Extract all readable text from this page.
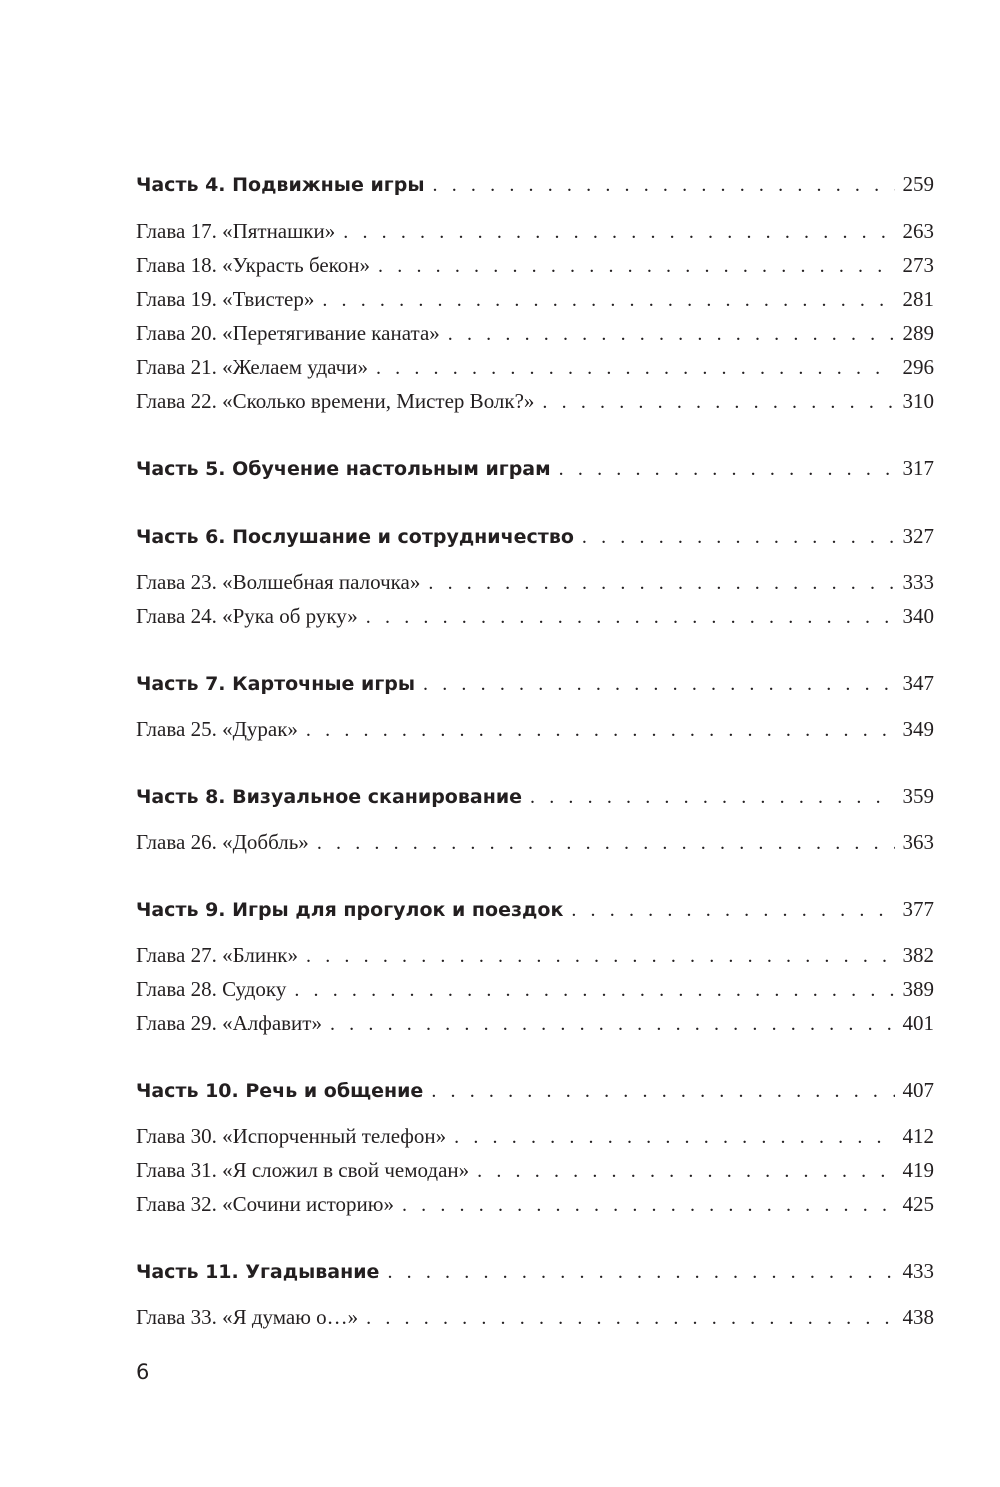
Часть 4. Подвижные игры . . .	259
Глава 17. «Пятнашки» . . .	263
Глава 18. «Украсть бекон» . . .	273
Глава 19. «Твистер» . . .	281
Глава 20. «Перетягивание каната» . . .	289
Глава 21. «Желаем удачи» . . .	296
Глава 22. «Сколько времени, Мистер Волк?» . . .	310
Часть 5. Обучение настольным играм . . .	317
Часть 6. Послушание и сотрудничество . . .	327
Глава 23. «Волшебная палочка» . . .	333
Глава 24. «Рука об руку» . . .	340
Часть 7. Карточные игры . . .	347
Глава 25. «Дурак» . . .	349
Часть 8. Визуальное сканирование . . .	359
Глава 26. «Доббль» . . .	363
Часть 9. Игры для прогулок и поездок . . .	377
Глава 27. «Блинк» . . .	382
Глава 28. Судоку . . .	389
Глава 29. «Алфавит» . . .	401
Часть 10. Речь и общение . . .	407
Глава 30. «Испорченный телефон» . . .	412
Глава 31. «Я сложил в свой чемодан» . . .	419
Глава 32. «Сочини историю» . . .	425
Часть 11. Угадывание . . .	433
Глава 33. «Я думаю о…» . . .	438
6
